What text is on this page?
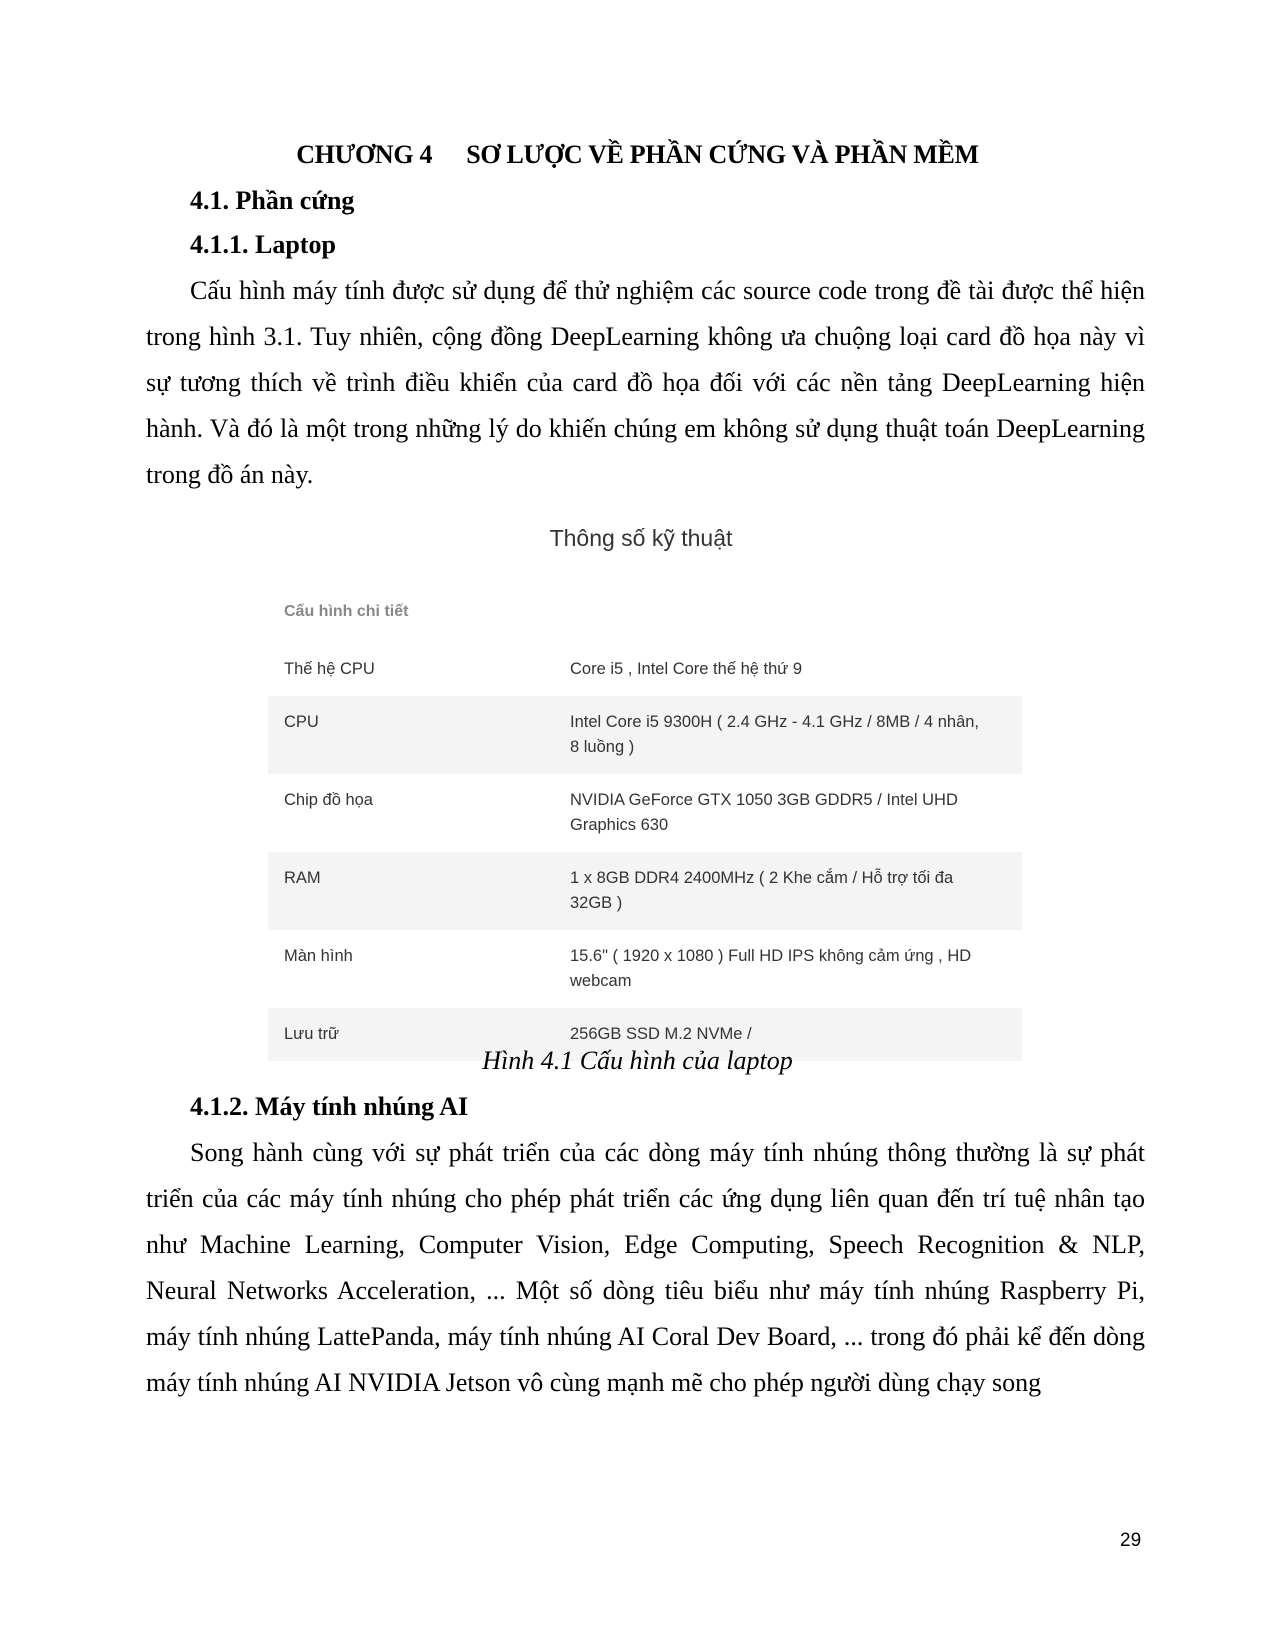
CHƯƠNG 4 SƠ LƯỢC VỀ PHẦN CỨNG VÀ PHẦN MỀM
4.1. Phần cứng
4.1.1. Laptop
Cấu hình máy tính được sử dụng để thử nghiệm các source code trong đề tài được thể hiện trong hình 3.1. Tuy nhiên, cộng đồng DeepLearning không ưa chuộng loại card đồ họa này vì sự tương thích về trình điều khiển của card đồ họa đối với các nền tảng DeepLearning hiện hành. Và đó là một trong những lý do khiến chúng em không sử dụng thuật toán DeepLearning trong đồ án này.
Thông số kỹ thuật
Cấu hình chi tiết
Thế hệ CPU	Core i5 , Intel Core thế hệ thứ 9
CPU	Intel Core i5 9300H ( 2.4 GHz - 4.1 GHz / 8MB / 4 nhân, 8 luồng )
Chip đồ họa	NVIDIA GeForce GTX 1050 3GB GDDR5 / Intel UHD Graphics 630
RAM	1 x 8GB DDR4 2400MHz ( 2 Khe cắm / Hỗ trợ tối đa 32GB )
Màn hình	15.6" ( 1920 x 1080 ) Full HD IPS không cảm ứng , HD webcam
Lưu trữ	256GB SSD M.2 NVMe /
Hình 4.1 Cấu hình của laptop
4.1.2. Máy tính nhúng AI
Song hành cùng với sự phát triển của các dòng máy tính nhúng thông thường là sự phát triển của các máy tính nhúng cho phép phát triển các ứng dụng liên quan đến trí tuệ nhân tạo như Machine Learning, Computer Vision, Edge Computing, Speech Recognition & NLP, Neural Networks Acceleration, ... Một số dòng tiêu biểu như máy tính nhúng Raspberry Pi, máy tính nhúng LattePanda, máy tính nhúng AI Coral Dev Board, ... trong đó phải kể đến dòng máy tính nhúng AI NVIDIA Jetson vô cùng mạnh mẽ cho phép người dùng chạy song
29
